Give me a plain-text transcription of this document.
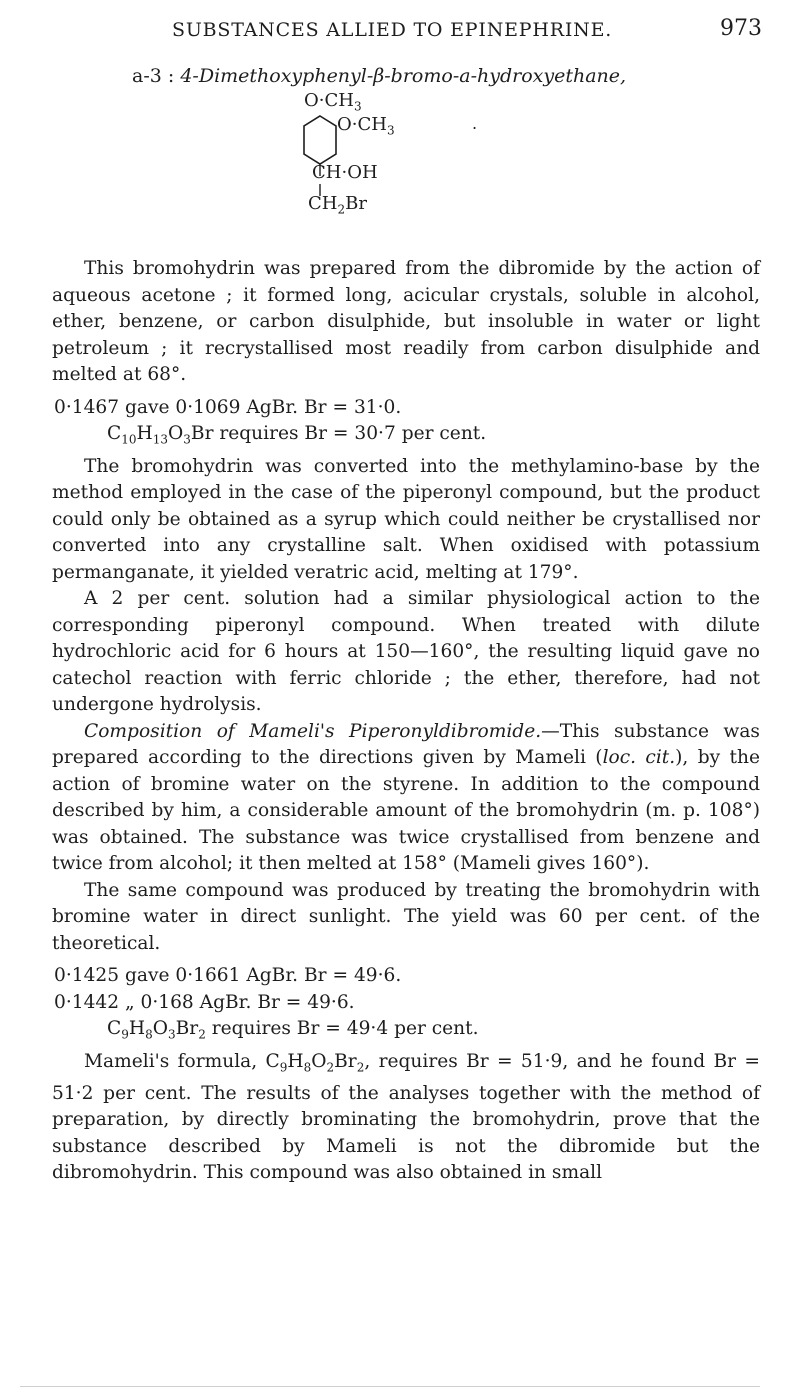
SUBSTANCES ALLIED TO EPINEPHRINE.	973
a-3 : 4-Dimethoxyphenyl-β-bromo-a-hydroxyethane,
$O\cdot CH_3$
$O\cdot CH_3$	.
CH·OH
$CH_2Br$

This bromohydrin was prepared from the dibromide by the action of aqueous acetone ; it formed long, acicular crystals, soluble in alcohol, ether, benzene, or carbon disulphide, but insoluble in water or light petroleum ; it recrystallised most readily from carbon disulphide and melted at 68°.

0·1467 gave 0·1069 AgBr. Br = 31·0.

$C_{10}H_{13}O_3Br$ requires Br = 30·7 per cent.

The bromohydrin was converted into the methylamino-base by the method employed in the case of the piperonyl compound, but the product could only be obtained as a syrup which could neither be crystallised nor converted into any crystalline salt. When oxidised with potassium permanganate, it yielded veratric acid, melting at 179°.

A 2 per cent. solution had a similar physiological action to the corresponding piperonyl compound. When treated with dilute hydrochloric acid for 6 hours at 150—160°, the resulting liquid gave no catechol reaction with ferric chloride ; the ether, therefore, had not undergone hydrolysis.

Composition of Mameli's Piperonyldibromide.—This substance was prepared according to the directions given by Mameli (loc. cit.), by the action of bromine water on the styrene. In addition to the compound described by him, a considerable amount of the bromohydrin (m. p. 108°) was obtained. The substance was twice crystallised from benzene and twice from alcohol; it then melted at 158° (Mameli gives 160°).

The same compound was produced by treating the bromohydrin with bromine water in direct sunlight. The yield was 60 per cent. of the theoretical.

0·1425 gave 0·1661 AgBr. Br = 49·6.

0·1442 „ 0·168 AgBr. Br = 49·6.

$C_9H_8O_3Br_2$ requires Br = 49·4 per cent.

Mameli's formula, $C_9H_8O_2Br_2$, requires Br = 51·9, and he found Br = 51·2 per cent. The results of the analyses together with the method of preparation, by directly brominating the bromohydrin, prove that the substance described by Mameli is not the dibromide but the dibromohydrin. This compound was also obtained in small
